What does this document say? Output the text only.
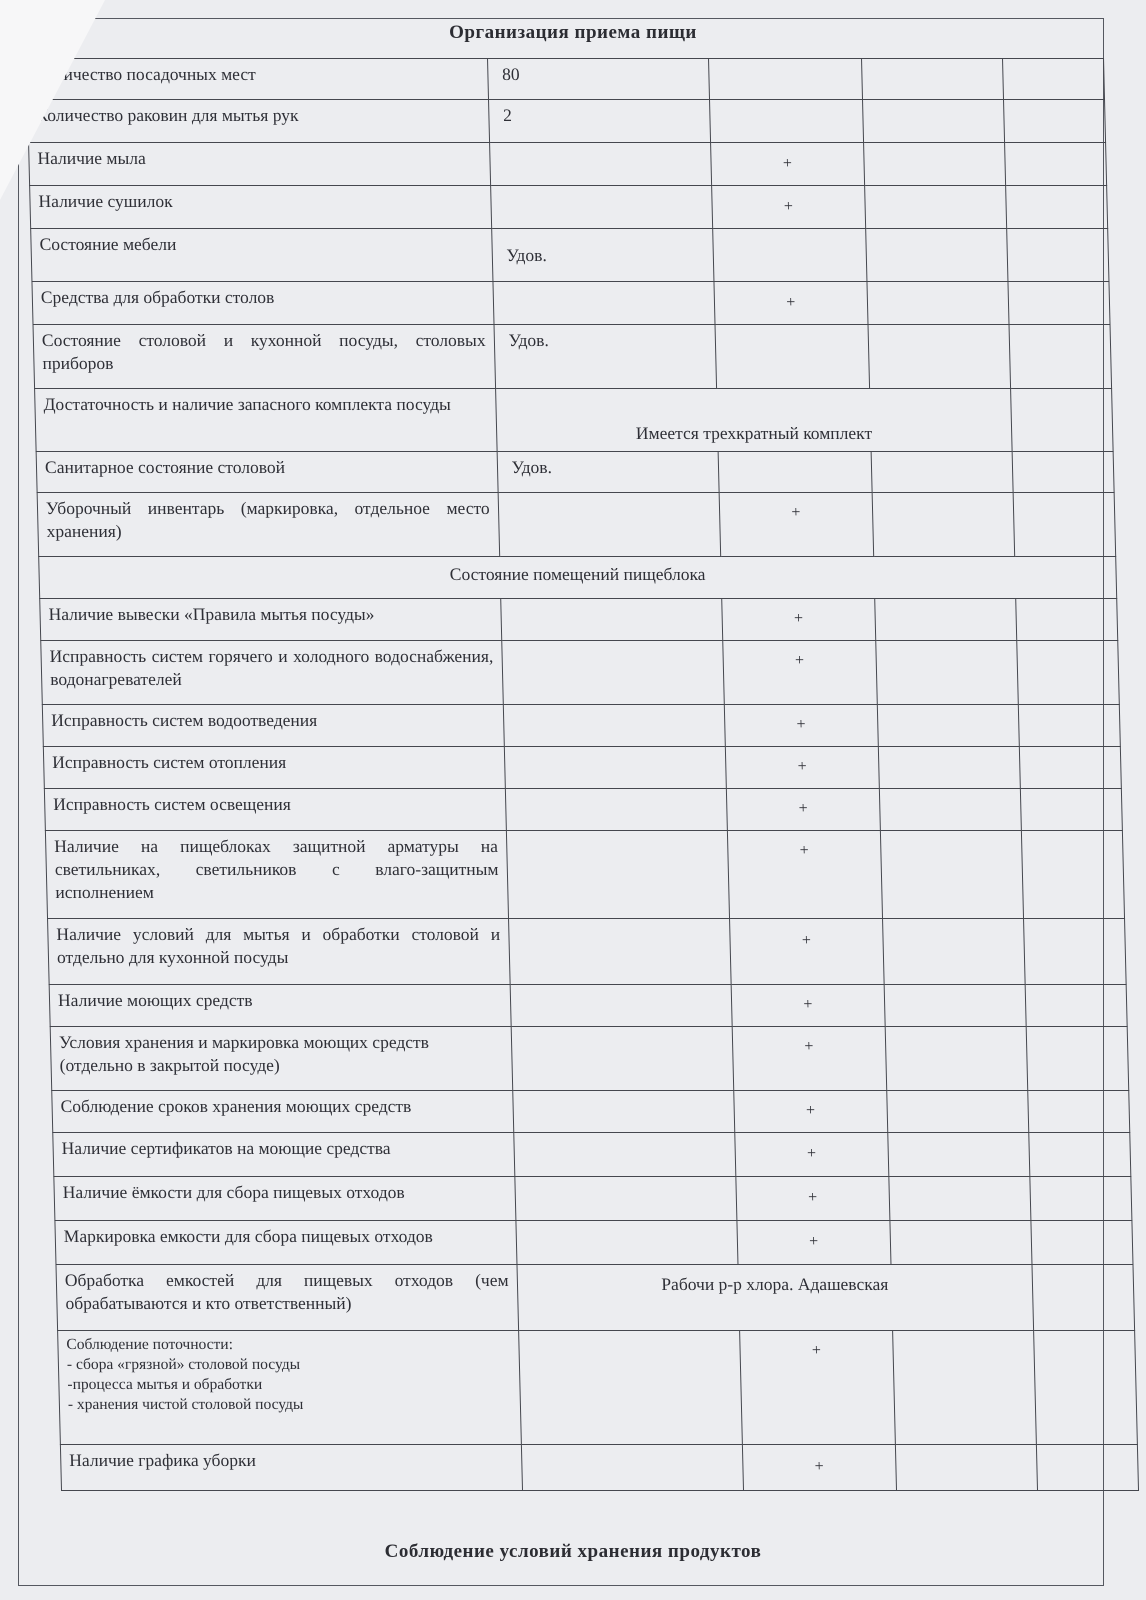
Организация приема пищи
Количество посадочных мест	80			
Количество раковин для мытья рук	2			
Наличие мыла		+		
Наличие сушилок		+		
Состояние мебели	Удов.			
Средства для обработки столов		+		
Состояние столовой и кухонной посуды, столовых приборов	Удов.			
Достаточность и наличие запасного комплекта посуды	Имеется трехкратный комплект			
Санитарное состояние столовой	Удов.			
Уборочный инвентарь (маркировка, отдельное место хранения)		+		
Состояние помещений пищеблока				
Наличие вывески «Правила мытья посуды»		+		
Исправность систем горячего и холодного водоснабжения, водонагревателей		+		
Исправность систем водоотведения		+		
Исправность систем отопления		+		
Исправность систем освещения		+		
Наличие на пищеблоках защитной арматуры на светильниках, светильников с влаго-защитным исполнением		+		
Наличие условий для мытья и обработки столовой и отдельно для кухонной посуды		+		
Наличие моющих средств		+		
Условия хранения и маркировка моющих средств (отдельно в закрытой посуде)		+		
Соблюдение сроков хранения моющих средств		+		
Наличие сертификатов на моющие средства		+		
Наличие ёмкости для сбора пищевых отходов		+		
Маркировка емкости для сбора пищевых отходов		+		
Обработка емкостей для пищевых отходов (чем обрабатываются и кто ответственный)	Рабочи р-р хлора. Адашевская			

Соблюдение поточности:
- сбора «грязной» столовой посуды
-процесса мытья и обработки
- хранения чистой столовой посуды		+		
Наличие графика уборки		+		
Соблюдение условий хранения продуктов
